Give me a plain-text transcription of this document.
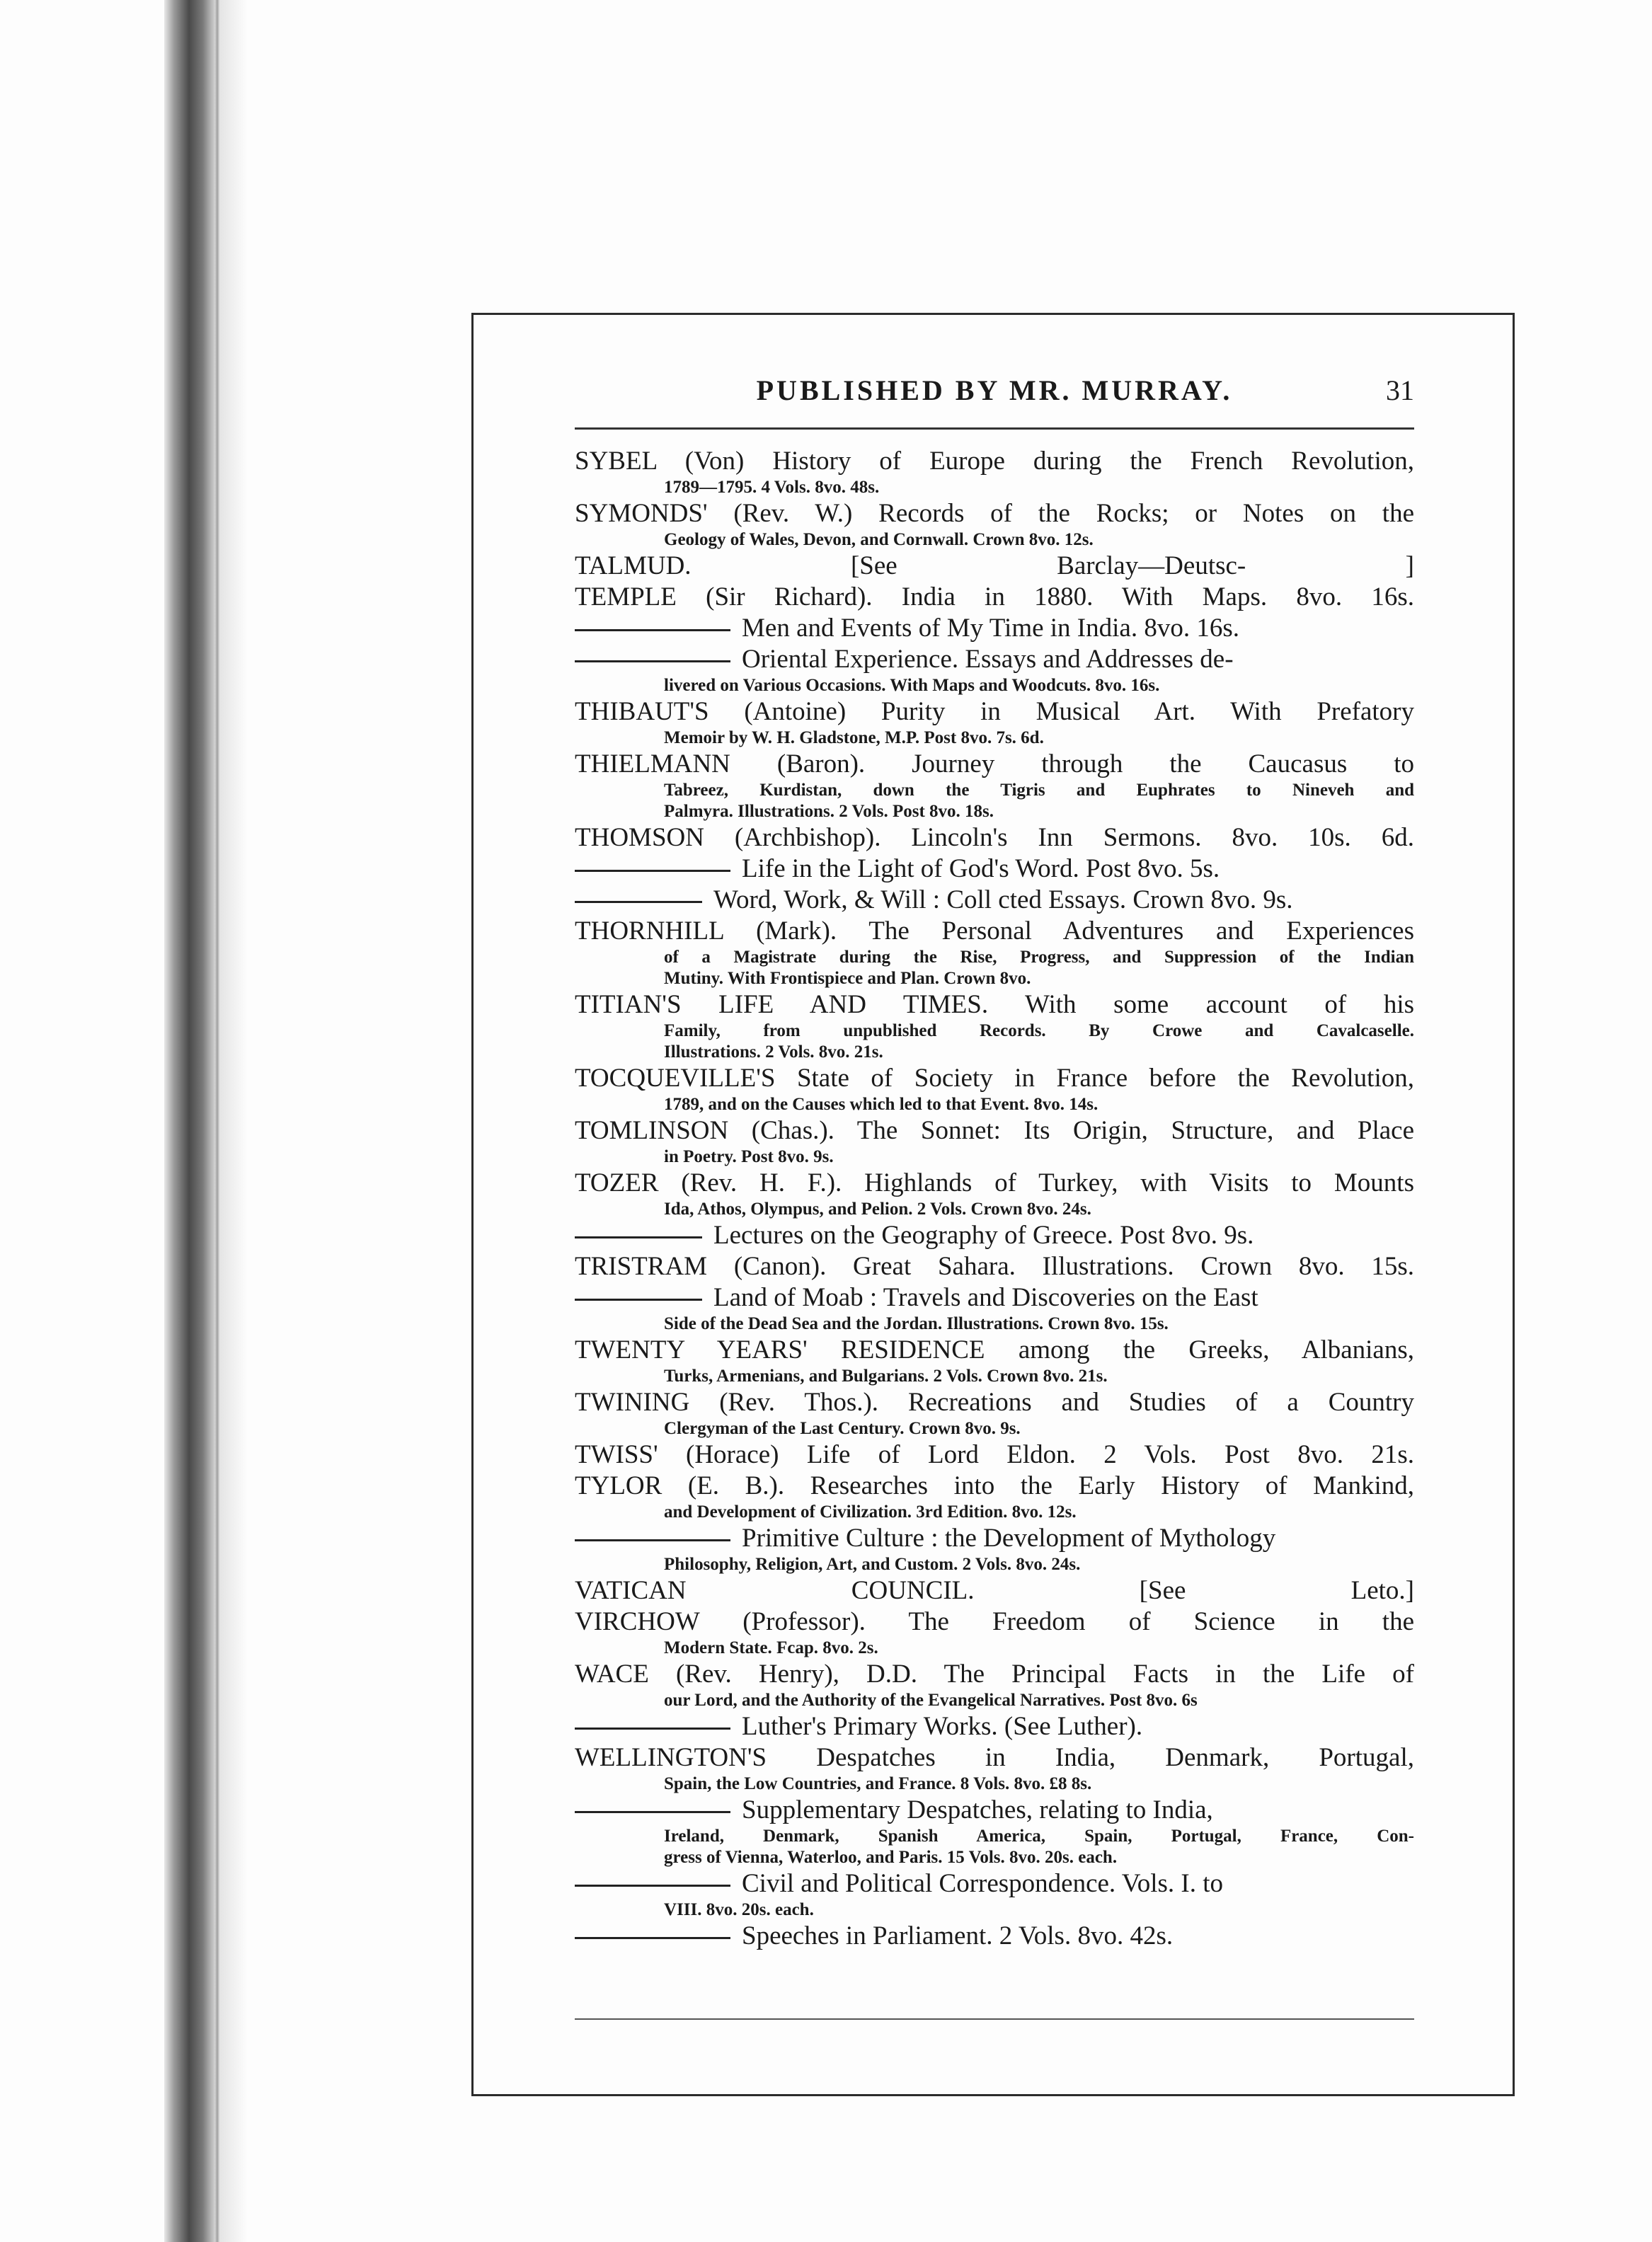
PUBLISHED BY MR. MURRAY.	31
SYBEL (Von) History of Europe during the French Revolution,
1789—1795. 4 Vols. 8vo. 48s.
SYMONDS' (Rev. W.) Records of the Rocks; or Notes on the
Geology of Wales, Devon, and Cornwall. Crown 8vo. 12s.
TALMUD. [See Barclay—Deutsc- ]
TEMPLE (Sir Richard). India in 1880. With Maps. 8vo. 16s.
Men and Events of My Time in India. 8vo. 16s.
Oriental Experience. Essays and Addresses de-
livered on Various Occasions. With Maps and Woodcuts. 8vo. 16s.
THIBAUT'S (Antoine) Purity in Musical Art. With Prefatory
Memoir by W. H. Gladstone, M.P. Post 8vo. 7s. 6d.
THIELMANN (Baron). Journey through the Caucasus to
Tabreez, Kurdistan, down the Tigris and Euphrates to Nineveh and
Palmyra. Illustrations. 2 Vols. Post 8vo. 18s.
THOMSON (Archbishop). Lincoln's Inn Sermons. 8vo. 10s. 6d.
Life in the Light of God's Word. Post 8vo. 5s.
Word, Work, & Will : Coll cted Essays. Crown 8vo. 9s.
THORNHILL (Mark). The Personal Adventures and Experiences
of a Magistrate during the Rise, Progress, and Suppression of the Indian
Mutiny. With Frontispiece and Plan. Crown 8vo.
TITIAN'S LIFE AND TIMES. With some account of his
Family, from unpublished Records. By Crowe and Cavalcaselle.
Illustrations. 2 Vols. 8vo. 21s.
TOCQUEVILLE'S State of Society in France before the Revolution,
1789, and on the Causes which led to that Event. 8vo. 14s.
TOMLINSON (Chas.). The Sonnet: Its Origin, Structure, and Place
in Poetry. Post 8vo. 9s.
TOZER (Rev. H. F.). Highlands of Turkey, with Visits to Mounts
Ida, Athos, Olympus, and Pelion. 2 Vols. Crown 8vo. 24s.
Lectures on the Geography of Greece. Post 8vo. 9s.
TRISTRAM (Canon). Great Sahara. Illustrations. Crown 8vo. 15s.
Land of Moab : Travels and Discoveries on the East
Side of the Dead Sea and the Jordan. Illustrations. Crown 8vo. 15s.
TWENTY YEARS' RESIDENCE among the Greeks, Albanians,
Turks, Armenians, and Bulgarians. 2 Vols. Crown 8vo. 21s.
TWINING (Rev. Thos.). Recreations and Studies of a Country
Clergyman of the Last Century. Crown 8vo. 9s.
TWISS' (Horace) Life of Lord Eldon. 2 Vols. Post 8vo. 21s.
TYLOR (E. B.). Researches into the Early History of Mankind,
and Development of Civilization. 3rd Edition. 8vo. 12s.
Primitive Culture : the Development of Mythology
Philosophy, Religion, Art, and Custom. 2 Vols. 8vo. 24s.
VATICAN COUNCIL. [See Leto.]
VIRCHOW (Professor). The Freedom of Science in the
Modern State. Fcap. 8vo. 2s.
WACE (Rev. Henry), D.D. The Principal Facts in the Life of
our Lord, and the Authority of the Evangelical Narratives. Post 8vo. 6s
Luther's Primary Works. (See Luther).
WELLINGTON'S Despatches in India, Denmark, Portugal,
Spain, the Low Countries, and France. 8 Vols. 8vo. £8 8s.
Supplementary Despatches, relating to India,
Ireland, Denmark, Spanish America, Spain, Portugal, France, Con-
gress of Vienna, Waterloo, and Paris. 15 Vols. 8vo. 20s. each.
Civil and Political Correspondence. Vols. I. to
VIII. 8vo. 20s. each.
Speeches in Parliament. 2 Vols. 8vo. 42s.
